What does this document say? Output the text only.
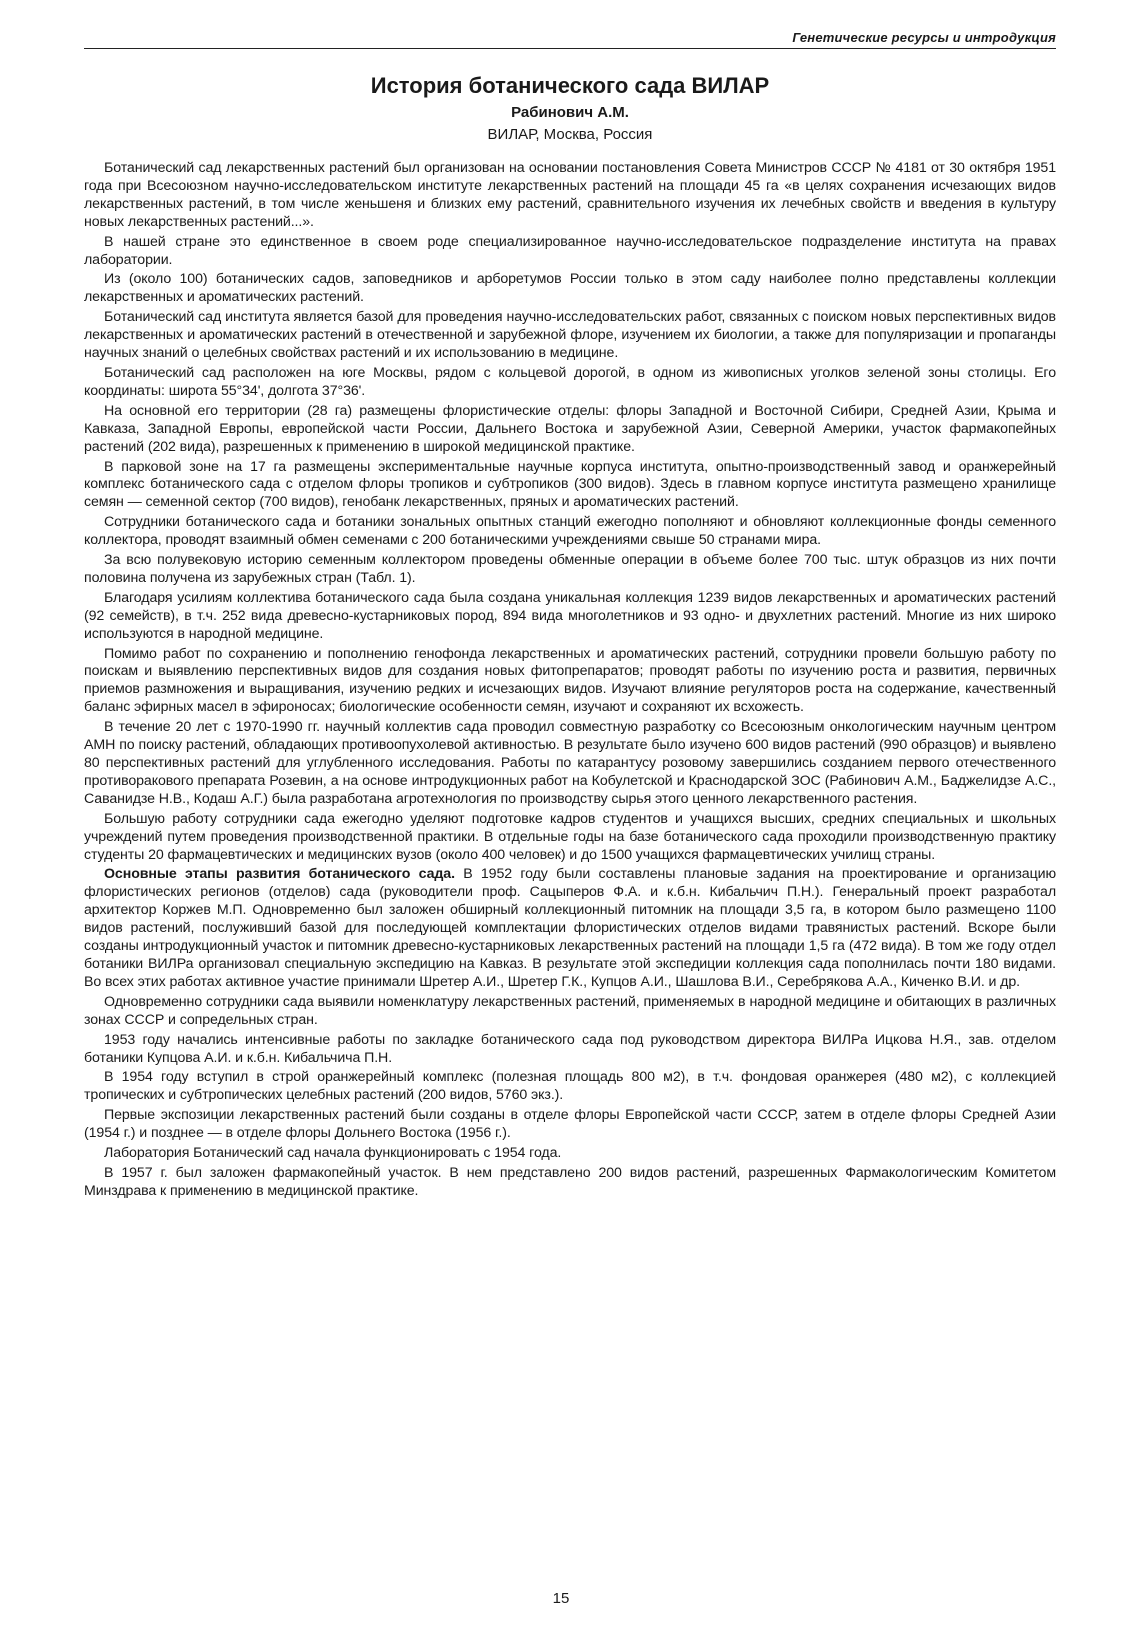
Генетические ресурсы и интродукция
История ботанического сада ВИЛАР
Рабинович А.М.
ВИЛАР, Москва, Россия

Ботанический сад лекарственных растений был организован на основании постановления Совета Министров СССР № 4181 от 30 октября 1951 года при Всесоюзном научно-исследовательском институте лекарственных растений на площади 45 га «в целях сохранения исчезающих видов лекарственных растений, в том числе женьшеня и близких ему растений, сравнительного изучения их лечебных свойств и введения в культуру новых лекарственных растений...».

В нашей стране это единственное в своем роде специализированное научно-исследовательское подразделение института на правах лаборатории.

Из (около 100) ботанических садов, заповедников и арборетумов России только в этом саду наиболее полно представлены коллекции лекарственных и ароматических растений.

Ботанический сад института является базой для проведения научно-исследовательских работ, связанных с поиском новых перспективных видов лекарственных и ароматических растений в отечественной и зарубежной флоре, изучением их биологии, а также для популяризации и пропаганды научных знаний о целебных свойствах растений и их использованию в медицине.

Ботанический сад расположен на юге Москвы, рядом с кольцевой дорогой, в одном из живописных уголков зеленой зоны столицы. Его координаты: широта 55°34', долгота 37°36'.

На основной его территории (28 га) размещены флористические отделы: флоры Западной и Восточной Сибири, Средней Азии, Крыма и Кавказа, Западной Европы, европейской части России, Дальнего Востока и зарубежной Азии, Северной Америки, участок фармакопейных растений (202 вида), разрешенных к применению в широкой медицинской практике.

В парковой зоне на 17 га размещены экспериментальные научные корпуса института, опытно-производственный завод и оранжерейный комплекс ботанического сада с отделом флоры тропиков и субтропиков (300 видов). Здесь в главном корпусе института размещено хранилище семян — семенной сектор (700 видов), генобанк лекарственных, пряных и ароматических растений.

Сотрудники ботанического сада и ботаники зональных опытных станций ежегодно пополняют и обновляют коллекционные фонды семенного коллектора, проводят взаимный обмен семенами с 200 ботаническими учреждениями свыше 50 странами мира.

За всю полувековую историю семенным коллектором проведены обменные операции в объеме более 700 тыс. штук образцов из них почти половина получена из зарубежных стран (Табл. 1).

Благодаря усилиям коллектива ботанического сада была создана уникальная коллекция 1239 видов лекарственных и ароматических растений (92 семейств), в т.ч. 252 вида древесно-кустарниковых пород, 894 вида многолетников и 93 одно- и двухлетних растений. Многие из них широко используются в народной медицине.

Помимо работ по сохранению и пополнению генофонда лекарственных и ароматических растений, сотрудники провели большую работу по поискам и выявлению перспективных видов для создания новых фитопрепаратов; проводят работы по изучению роста и развития, первичных приемов размножения и выращивания, изучению редких и исчезающих видов. Изучают влияние регуляторов роста на содержание, качественный баланс эфирных масел в эфироносах; биологические особенности семян, изучают и сохраняют их всхожесть.

В течение 20 лет с 1970-1990 гг. научный коллектив сада проводил совместную разработку со Всесоюзным онкологическим научным центром АМН по поиску растений, обладающих противоопухолевой активностью. В результате было изучено 600 видов растений (990 образцов) и выявлено 80 перспективных растений для углубленного исследования. Работы по катарантусу розовому завершились созданием первого отечественного противоракового препарата Розевин, а на основе интродукционных работ на Кобулетской и Краснодарской ЗОС (Рабинович А.М., Баджелидзе А.С., Саванидзе Н.В., Кодаш А.Г.) была разработана агротехнология по производству сырья этого ценного лекарственного растения.

Большую работу сотрудники сада ежегодно уделяют подготовке кадров студентов и учащихся высших, средних специальных и школьных учреждений путем проведения производственной практики. В отдельные годы на базе ботанического сада проходили производственную практику студенты 20 фармацевтических и медицинских вузов (около 400 человек) и до 1500 учащихся фармацевтических училищ страны.

Основные этапы развития ботанического сада. В 1952 году были составлены плановые задания на проектирование и организацию флористических регионов (отделов) сада (руководители проф. Сацыперов Ф.А. и к.б.н. Кибальчич П.Н.). Генеральный проект разработал архитектор Коржев М.П. Одновременно был заложен обширный коллекционный питомник на площади 3,5 га, в котором было размещено 1100 видов растений, послуживший базой для последующей комплектации флористических отделов видами травянистых растений. Вскоре были созданы интродукционный участок и питомник древесно-кустарниковых лекарственных растений на площади 1,5 га (472 вида). В том же году отдел ботаники ВИЛРа организовал специальную экспедицию на Кавказ. В результате этой экспедиции коллекция сада пополнилась почти 180 видами. Во всех этих работах активное участие принимали Шретер А.И., Шретер Г.К., Купцов А.И., Шашлова В.И., Серебрякова А.А., Киченко В.И. и др.

Одновременно сотрудники сада выявили номенклатуру лекарственных растений, применяемых в народной медицине и обитающих в различных зонах СССР и сопредельных стран.

1953 году начались интенсивные работы по закладке ботанического сада под руководством директора ВИЛРа Ицкова Н.Я., зав. отделом ботаники Купцова А.И. и к.б.н. Кибальчича П.Н.

В 1954 году вступил в строй оранжерейный комплекс (полезная площадь 800 м2), в т.ч. фондовая оранжерея (480 м2), с коллекцией тропических и субтропических целебных растений (200 видов, 5760 экз.).

Первые экспозиции лекарственных растений были созданы в отделе флоры Европейской части СССР, затем в отделе флоры Средней Азии (1954 г.) и позднее — в отделе флоры Дольнего Востока (1956 г.).

Лаборатория Ботанический сад начала функционировать с 1954 года.

В 1957 г. был заложен фармакопейный участок. В нем представлено 200 видов растений, разрешенных Фармакологическим Комитетом Минздрава к применению в медицинской практике.

15
